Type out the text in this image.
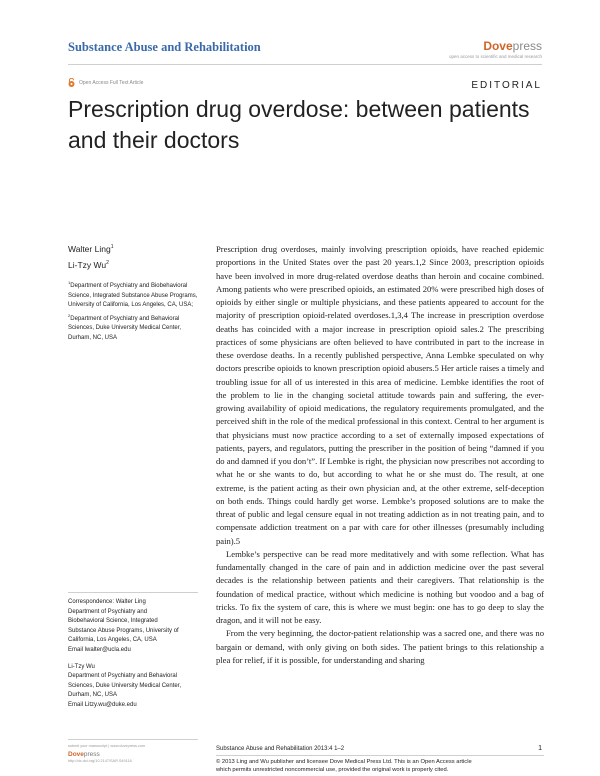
Substance Abuse and Rehabilitation	Dovepress
open access to scientific and medical research
Open Access Full Text Article	EDITORIAL
Prescription drug overdose: between patients and their doctors
Walter Ling$^1$
Li-Tzy Wu$^2$
$^1$Department of Psychiatry and Biobehavioral Science, Integrated Substance Abuse Programs, University of California, Los Angeles, CA, USA;
$^2$Department of Psychiatry and Behavioral Sciences, Duke University Medical Center, Durham, NC, USA

Correspondence: Walter Ling
Department of Psychiatry and
Biobehavioral Science, Integrated
Substance Abuse Programs, University of
California, Los Angeles, CA, USA
Email lwalter@ucla.edu

Li-Tzy Wu
Department of Psychiatry and Behavioral
Sciences, Duke University Medical Center,
Durham, NC, USA
Email Litzy.wu@duke.edu

Prescription drug overdoses, mainly involving prescription opioids, have reached epidemic proportions in the United States over the past 20 years.1,2 Since 2003, prescription opioids have been involved in more drug-related overdose deaths than heroin and cocaine combined. Among patients who were prescribed opioids, an estimated 20% were prescribed high doses of opioids by either single or multiple physicians, and these patients appeared to account for the majority of prescription opioid-related overdoses.1,3,4 The increase in prescription overdose deaths has coincided with a major increase in prescription opioid sales.2 The prescribing practices of some physicians are often believed to have contributed in part to the increase in these overdose deaths. In a recently published perspective, Anna Lembke speculated on why doctors prescribe opioids to known prescription opioid abusers.5 Her article raises a timely and troubling issue for all of us interested in this area of medicine. Lembke identifies the root of the problem to lie in the changing societal attitude towards pain and suffering, the ever-growing availability of opioid medications, the regulatory requirements promulgated, and the perceived shift in the role of the medical professional in this context. Central to her argument is that physicians must now practice according to a set of externally imposed expectations of patients, payers, and regulators, putting the prescriber in the position of being “damned if you do and damned if you don’t”. If Lembke is right, the physician now prescribes not according to what he or she wants to do, but according to what he or she must do. The result, at one extreme, is the patient acting as their own physician and, at the other extreme, self-deception on both ends. Things could hardly get worse. Lembke’s proposed solutions are to make the threat of public and legal censure equal in not treating addiction as in not treating pain, and to compensate addiction treatment on a par with care for other illnesses (presumably including pain).5

Lembke’s perspective can be read more meditatively and with some reflection. What has fundamentally changed in the care of pain and in addiction medicine over the past several decades is the relationship between patients and their caregivers. That relationship is the foundation of medical practice, without which medicine is nothing but voodoo and a bag of tricks. To fix the system of care, this is where we must begin: one has to go deep to slay the dragon, and it will not be easy.

From the very beginning, the doctor-patient relationship was a sacred one, and there was no bargain or demand, with only giving on both sides. The patient brings to this relationship a plea for relief, if it is possible, for understanding and sharing

submit your manuscript | www.dovepress.com
Dovepress
http://dx.doi.org/10.2147/SAR.S49116
Substance Abuse and Rehabilitation 2013:4 1–2
© 2013 Ling and Wu publisher and licensee Dove Medical Press Ltd. This is an Open Access article
which permits unrestricted noncommercial use, provided the original work is properly cited.
1
